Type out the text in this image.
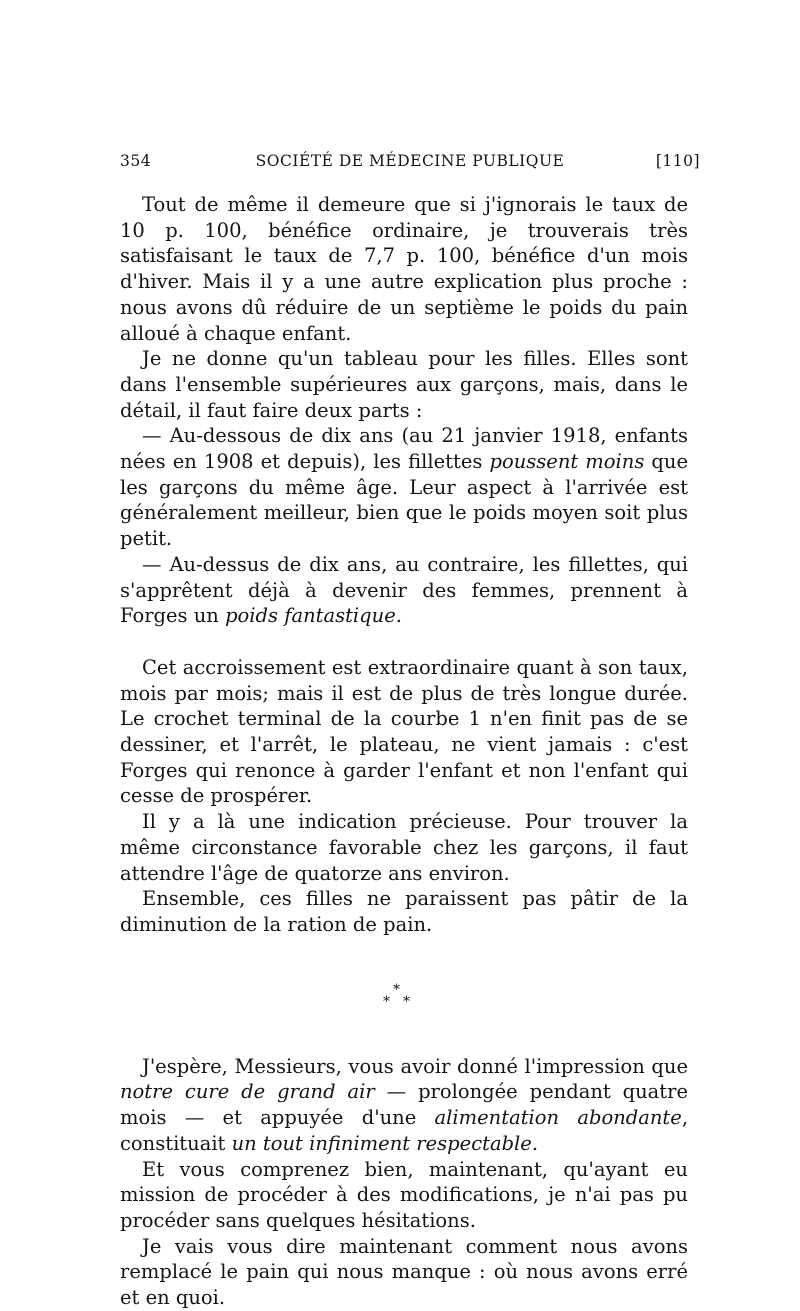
354	SOCIÉTÉ DE MÉDECINE PUBLIQUE	[110]

Tout de même il demeure que si j'ignorais le taux de 10 p. 100, bénéfice ordinaire, je trouverais très satisfaisant le taux de 7,7 p. 100, bénéfice d'un mois d'hiver. Mais il y a une autre explication plus proche : nous avons dû réduire de un septième le poids du pain alloué à chaque enfant.

Je ne donne qu'un tableau pour les filles. Elles sont dans l'ensemble supérieures aux garçons, mais, dans le détail, il faut faire deux parts :

— Au-dessous de dix ans (au 21 janvier 1918, enfants nées en 1908 et depuis), les fillettes poussent moins que les garçons du même âge. Leur aspect à l'arrivée est généralement meilleur, bien que le poids moyen soit plus petit.

— Au-dessus de dix ans, au contraire, les fillettes, qui s'apprêtent déjà à devenir des femmes, prennent à Forges un poids fantastique.

Cet accroissement est extraordinaire quant à son taux, mois par mois; mais il est de plus de très longue durée. Le crochet terminal de la courbe 1 n'en finit pas de se dessiner, et l'arrêt, le plateau, ne vient jamais : c'est Forges qui renonce à garder l'enfant et non l'enfant qui cesse de prospérer.

Il y a là une indication précieuse. Pour trouver la même circonstance favorable chez les garçons, il faut attendre l'âge de quatorze ans environ.

Ensemble, ces filles ne paraissent pas pâtir de la diminution de la ration de pain.

*
* *

J'espère, Messieurs, vous avoir donné l'impression que notre cure de grand air — prolongée pendant quatre mois — et appuyée d'une alimentation abondante, constituait un tout infiniment respectable.

Et vous comprenez bien, maintenant, qu'ayant eu mission de procéder à des modifications, je n'ai pas pu procéder sans quelques hésitations.

Je vais vous dire maintenant comment nous avons remplacé le pain qui nous manque : où nous avons erré et en quoi.
